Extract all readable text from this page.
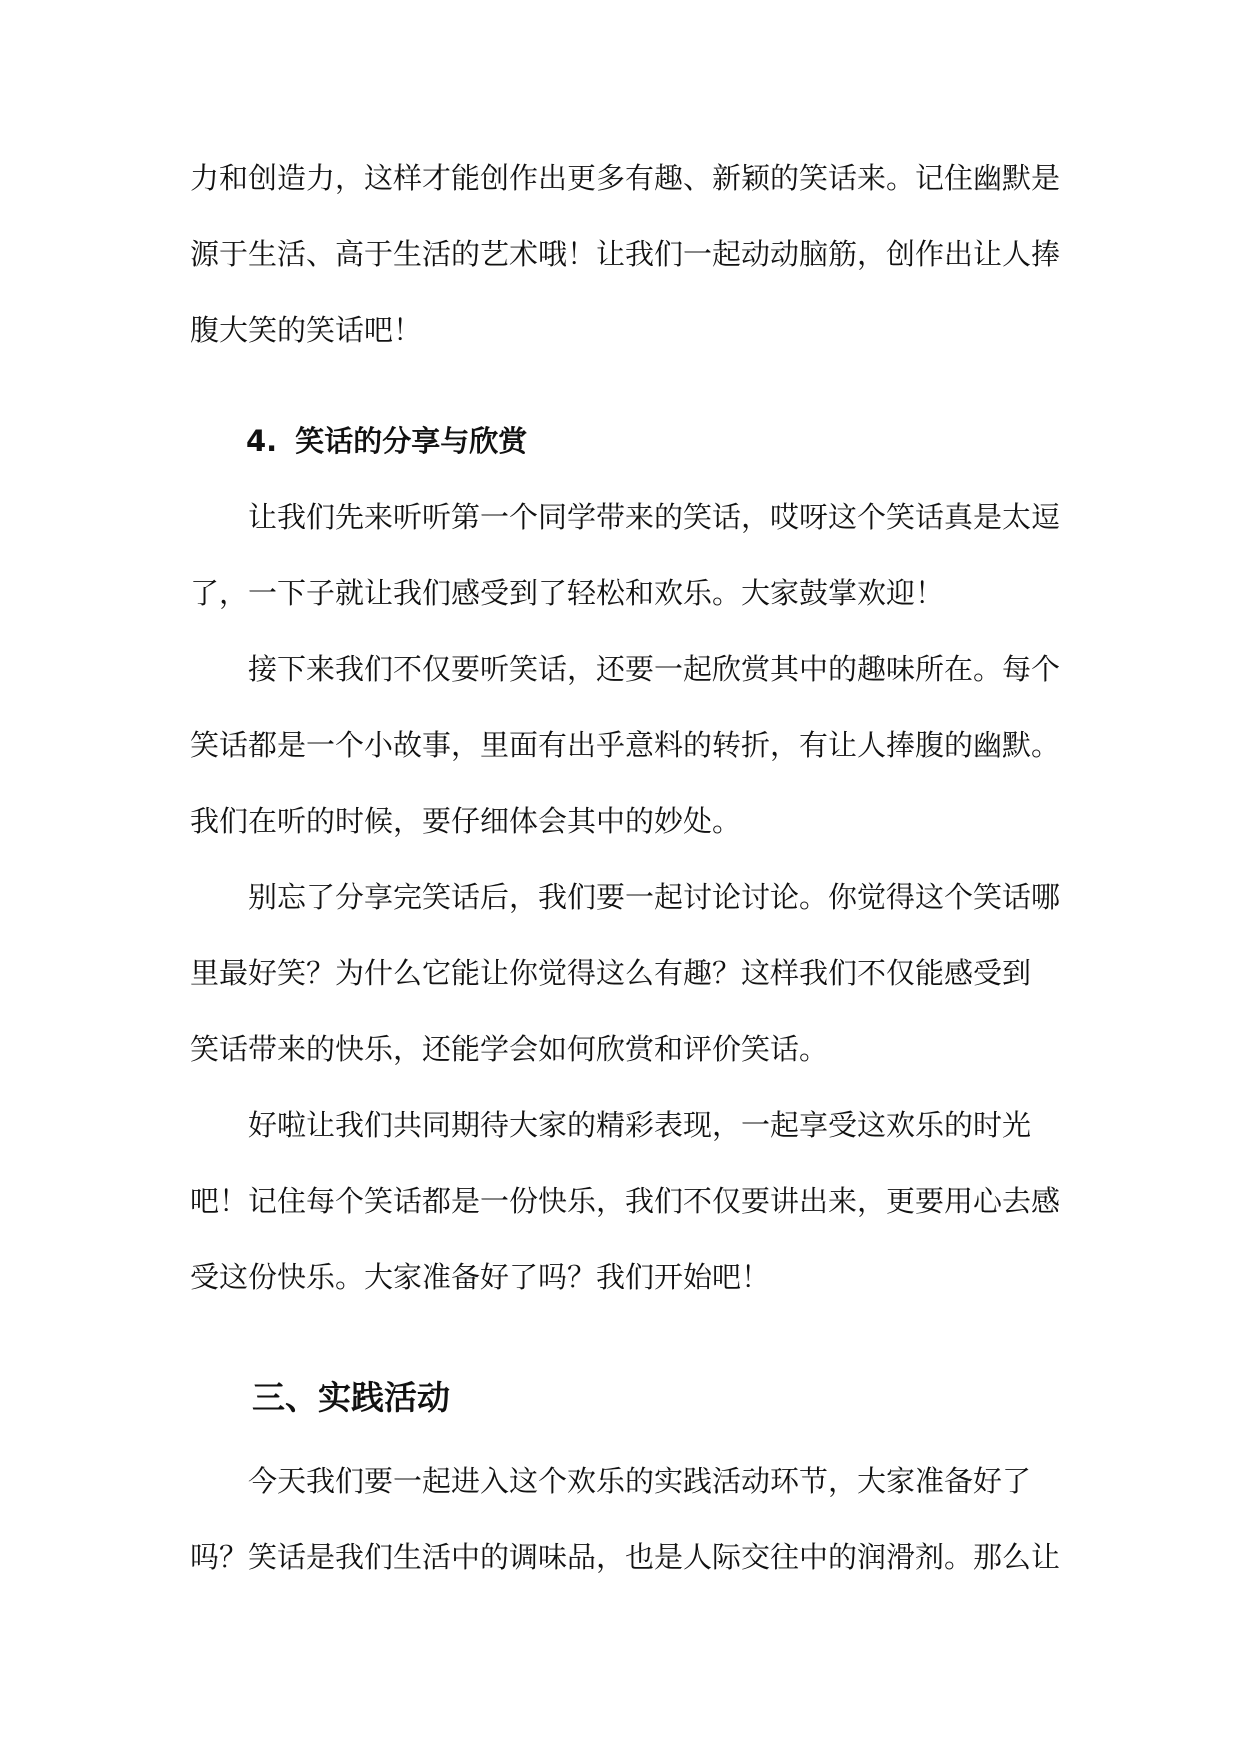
力和创造力，这样才能创作出更多有趣、新颖的笑话来。记住幽默是
源于生活、高于生活的艺术哦！让我们一起动动脑筋，创作出让人捧
腹大笑的笑话吧！
4. 笑话的分享与欣赏
让我们先来听听第一个同学带来的笑话，哎呀这个笑话真是太逗
了，一下子就让我们感受到了轻松和欢乐。大家鼓掌欢迎！
接下来我们不仅要听笑话，还要一起欣赏其中的趣味所在。每个
笑话都是一个小故事，里面有出乎意料的转折，有让人捧腹的幽默。
我们在听的时候，要仔细体会其中的妙处。
别忘了分享完笑话后，我们要一起讨论讨论。你觉得这个笑话哪
里最好笑？为什么它能让你觉得这么有趣？这样我们不仅能感受到
笑话带来的快乐，还能学会如何欣赏和评价笑话。
好啦让我们共同期待大家的精彩表现，一起享受这欢乐的时光
吧！记住每个笑话都是一份快乐，我们不仅要讲出来，更要用心去感
受这份快乐。大家准备好了吗？我们开始吧！
三、实践活动
今天我们要一起进入这个欢乐的实践活动环节，大家准备好了
吗？笑话是我们生活中的调味品，也是人际交往中的润滑剂。那么让
